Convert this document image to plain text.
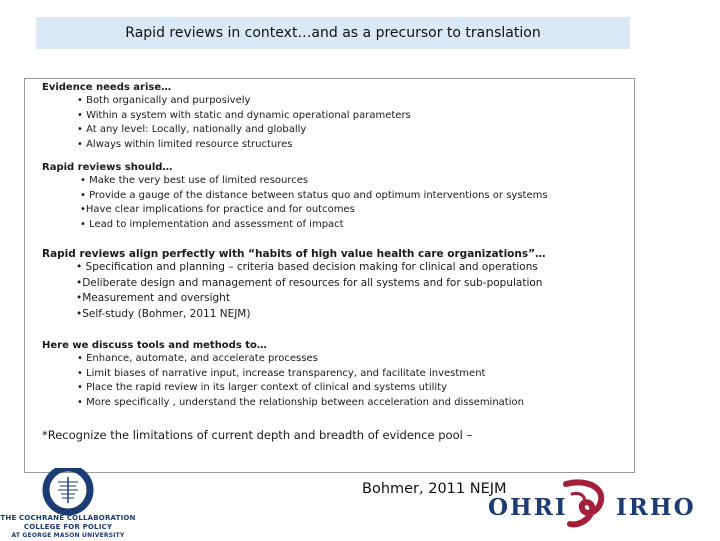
Rapid reviews in context…and as a precursor to translation
Evidence needs arise…
• Both organically and purposively
• Within a system with static and dynamic operational parameters
• At any level: Locally, nationally and globally
• Always within limited resource structures
Rapid reviews should…
• Make the very best use of limited resources
• Provide a gauge of the distance between status quo and optimum interventions or systems
•Have clear implications for practice and for outcomes
• Lead to implementation and assessment of impact
Rapid reviews align perfectly with “habits of high value health care organizations”…
• Specification and planning – criteria based decision making for clinical and operations
•Deliberate design and management of resources for all systems and for sub-population
•Measurement and oversight
•Self-study (Bohmer, 2011 NEJM)
Here we discuss tools and methods to…
• Enhance, automate, and accelerate processes
• Limit biases of narrative input, increase transparency, and facilitate investment
• Place the rapid review in its larger context of clinical and systems utility
• More specifically , understand the relationship between acceleration and dissemination
*Recognize the limitations of current depth and breadth of evidence pool –
Bohmer, 2011 NEJM
THE COCHRANE COLLABORATION
COLLEGE FOR POLICY
AT GEORGE MASON UNIVERSITY
OHRI IRHO
